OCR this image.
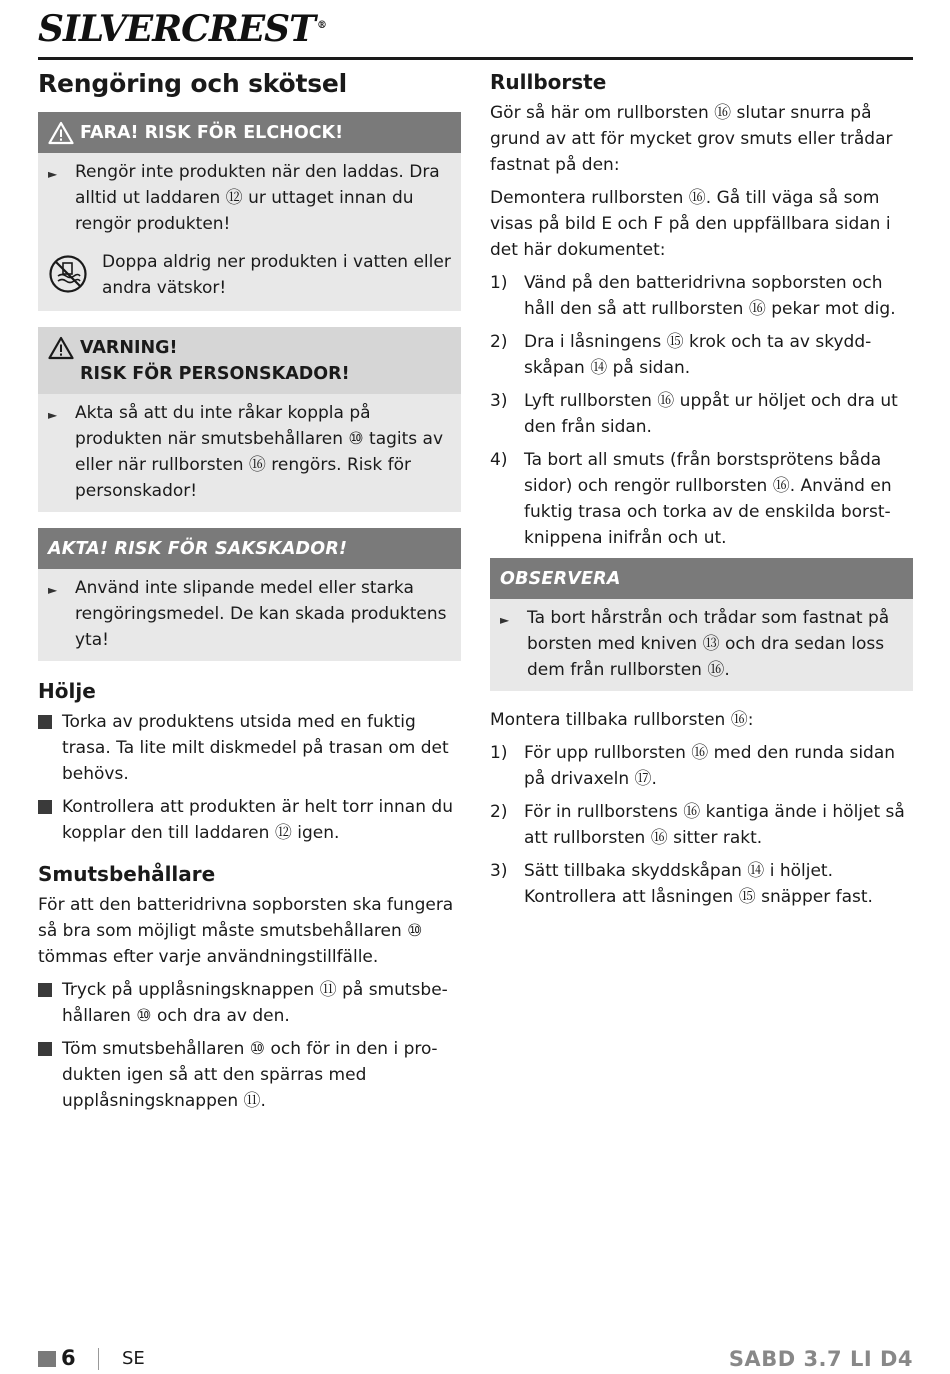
SILVERCREST ®
Rengöring och skötsel
FARA! RISK FÖR ELCHOCK!
►	Rengör inte produkten när den laddas. Dra alltid ut laddaren ⑫ ur uttaget innan du rengör produkten!
Doppa aldrig ner produkten i vatten eller andra vätskor!
VARNING!
RISK FÖR PERSONSKADOR!
►	Akta så att du inte råkar koppla på produkten när smutsbehållaren ⑩ tagits av eller när rullborsten ⑯ rengörs. Risk för personskador!
AKTA! RISK FÖR SAKSKADOR!
►	Använd inte slipande medel eller starka rengöringsmedel. De kan skada produktens yta!
Hölje
Torka av produktens utsida med en fuktig trasa. Ta lite milt diskmedel på trasan om det behövs.
Kontrollera att produkten är helt torr innan du kopplar den till laddaren ⑫ igen.
Smutsbehållare
För att den batteridrivna sopborsten ska fungera så bra som möjligt måste smutsbehållaren ⑩ tömmas efter varje användningstillfälle.
Tryck på upplåsningsknappen ⑪ på smutsbehållaren ⑩ och dra av den.
Töm smutsbehållaren ⑩ och för in den i produkten igen så att den spärras med upplåsningsknappen ⑪.
Rullborste
Gör så här om rullborsten ⑯ slutar snurra på grund av att för mycket grov smuts eller trådar fastnat på den:
Demontera rullborsten ⑯. Gå till väga så som visas på bild E och F på den uppfällbara sidan i det här dokumentet:
1) Vänd på den batteridrivna sopborsten och håll den så att rullborsten ⑯ pekar mot dig.
2) Dra i låsningens ⑮ krok och ta av skyddskåpan ⑭ på sidan.
3) Lyft rullborsten ⑯ uppåt ur höljet och dra ut den från sidan.
4) Ta bort all smuts (från borstsprötens båda sidor) och rengör rullborsten ⑯. Använd en fuktig trasa och torka av de enskilda borstknippena inifrån och ut.
OBSERVERA
►	Ta bort hårstrån och trådar som fastnat på borsten med kniven ⑬ och dra sedan loss dem från rullborsten ⑯.
Montera tillbaka rullborsten ⑯:
1) För upp rullborsten ⑯ med den runda sidan på drivaxeln ⑰.
2) För in rullborstens ⑯ kantiga ände i höljet så att rullborsten ⑯ sitter rakt.
3) Sätt tillbaka skyddskåpan ⑭ i höljet. Kontrollera att låsningen ⑮ snäpper fast.
6	SE	SABD 3.7 LI D4
